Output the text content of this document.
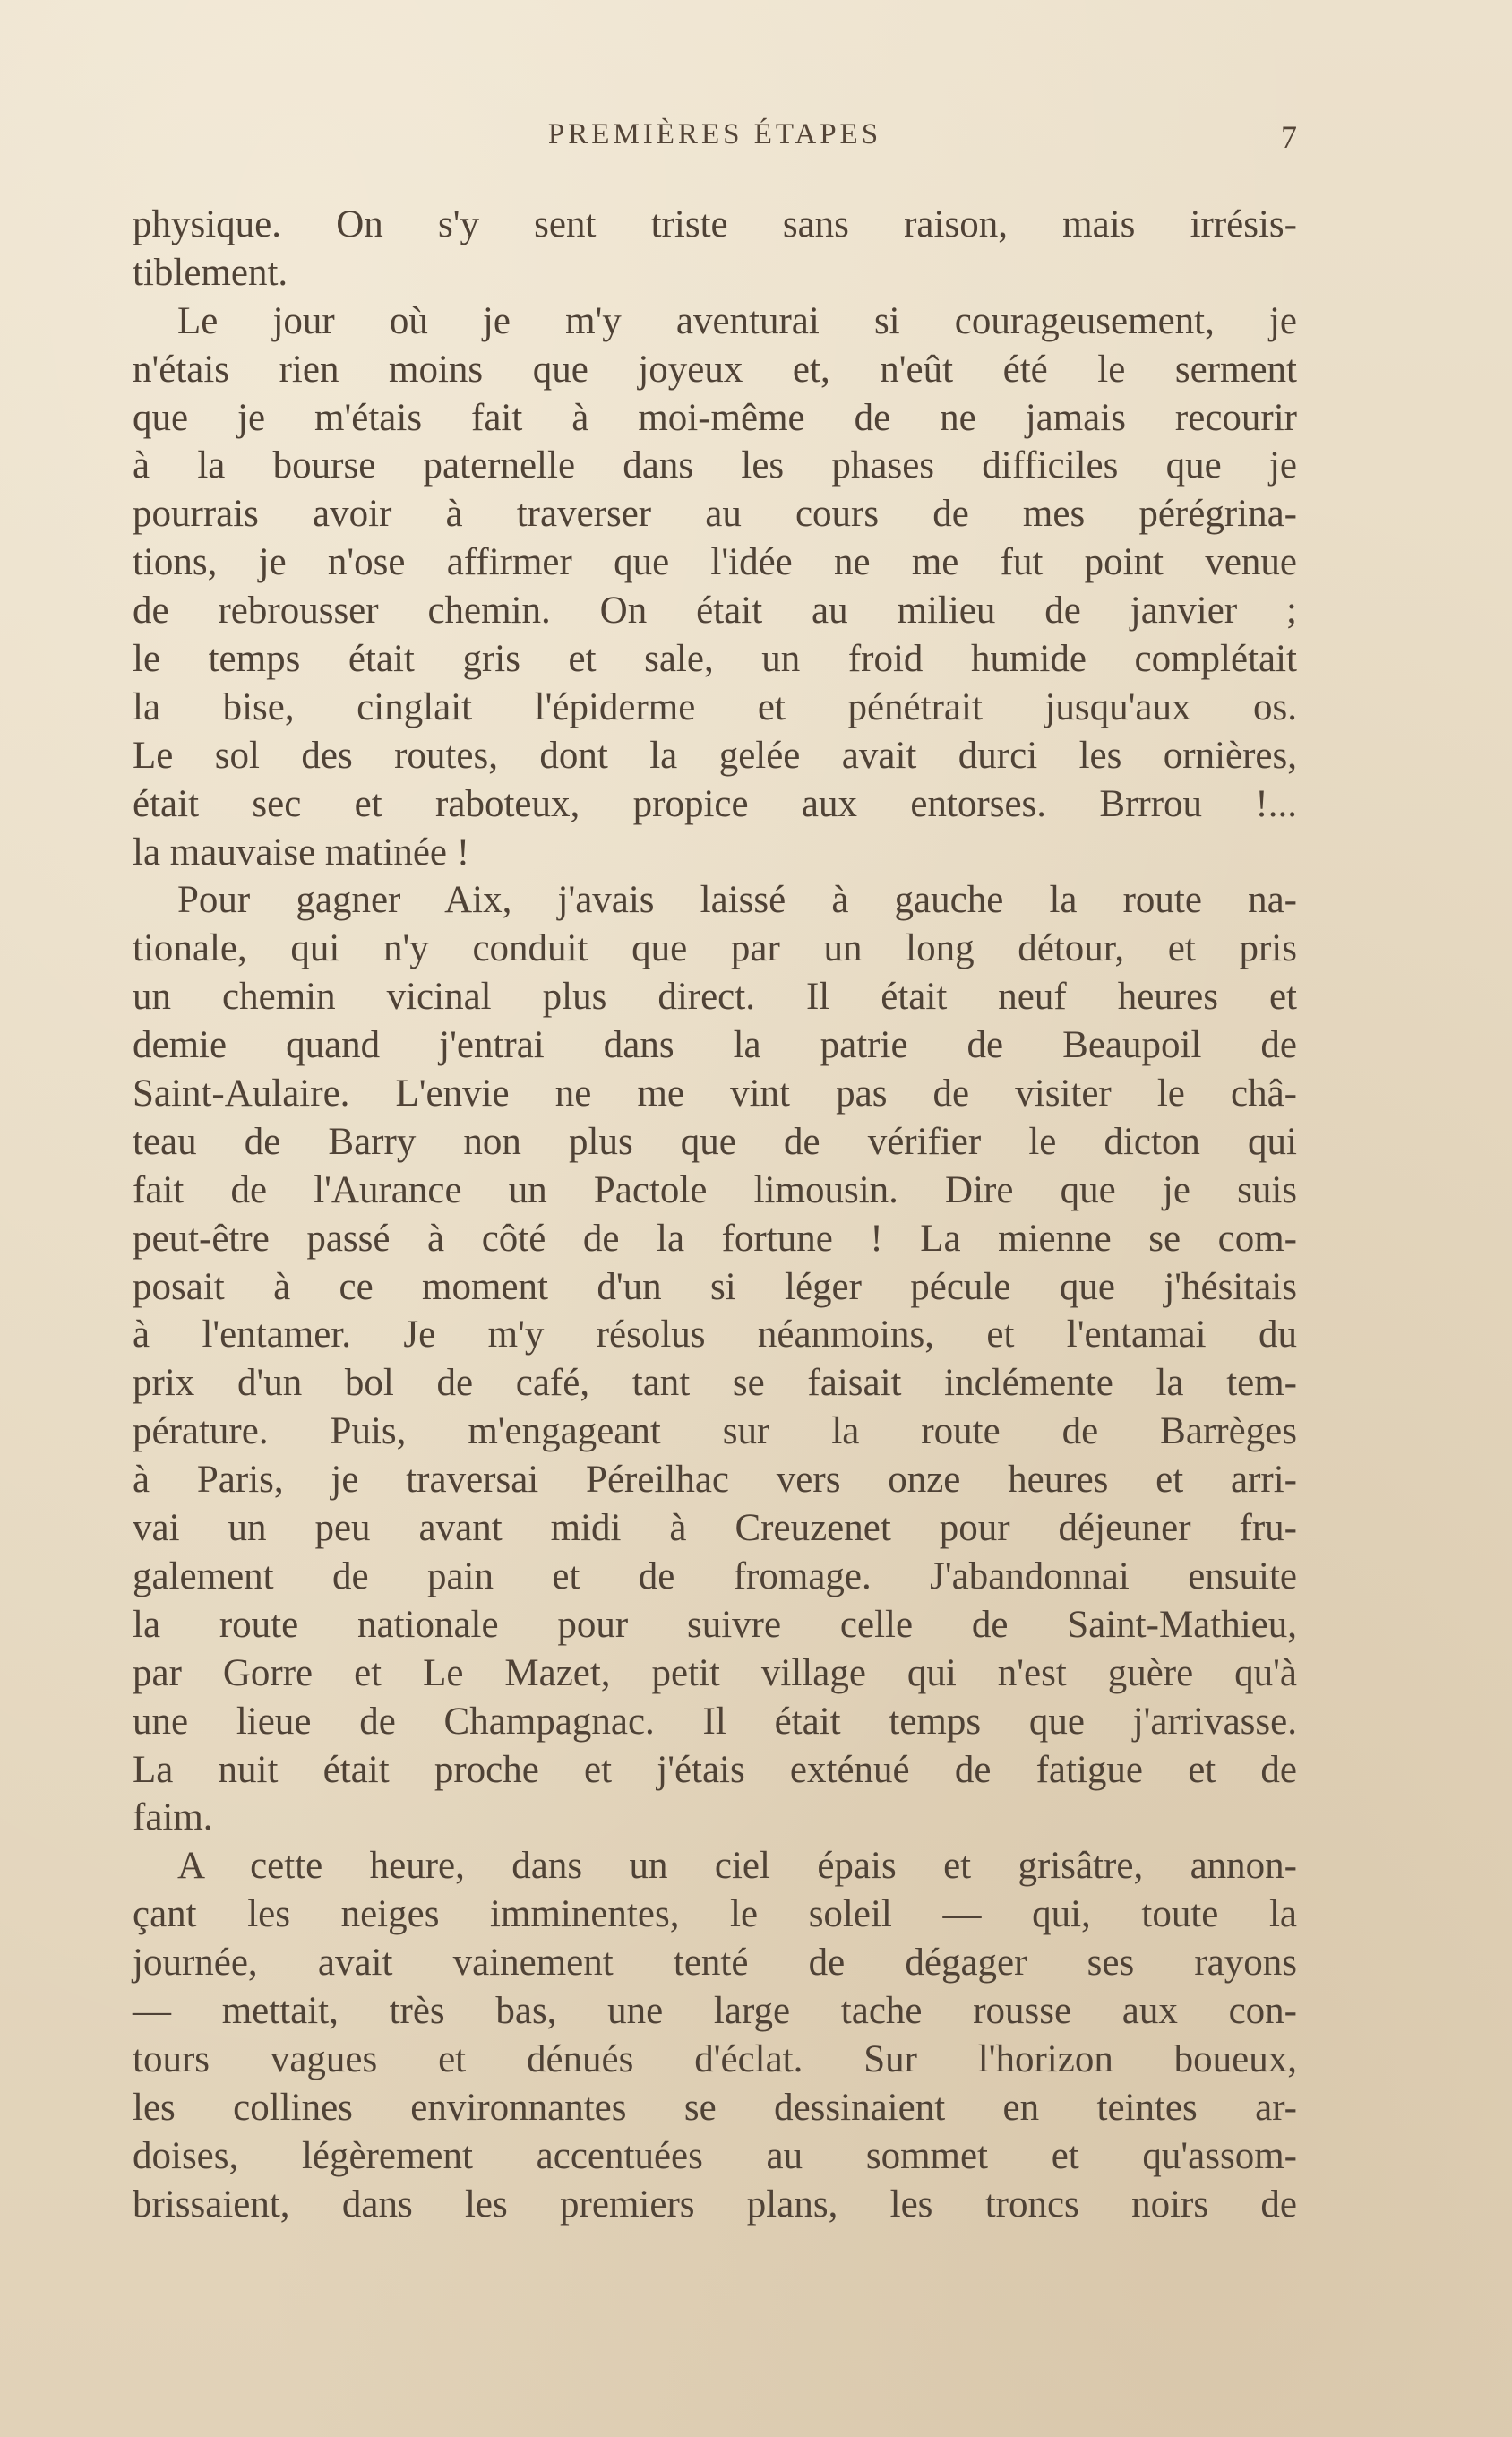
PREMIÈRES ÉTAPES	7
physique. On s'y sent triste sans raison, mais irrésis-
tiblement.
Le jour où je m'y aventurai si courageusement, je
n'étais rien moins que joyeux et, n'eût été le serment
que je m'étais fait à moi-même de ne jamais recourir
à la bourse paternelle dans les phases difficiles que je
pourrais avoir à traverser au cours de mes pérégrina-
tions, je n'ose affirmer que l'idée ne me fut point venue
de rebrousser chemin. On était au milieu de janvier ;
le temps était gris et sale, un froid humide complétait
la bise, cinglait l'épiderme et pénétrait jusqu'aux os.
Le sol des routes, dont la gelée avait durci les ornières,
était sec et raboteux, propice aux entorses. Brrrou !...
la mauvaise matinée !
Pour gagner Aix, j'avais laissé à gauche la route na-
tionale, qui n'y conduit que par un long détour, et pris
un chemin vicinal plus direct. Il était neuf heures et
demie quand j'entrai dans la patrie de Beaupoil de
Saint-Aulaire. L'envie ne me vint pas de visiter le châ-
teau de Barry non plus que de vérifier le dicton qui
fait de l'Aurance un Pactole limousin. Dire que je suis
peut-être passé à côté de la fortune ! La mienne se com-
posait à ce moment d'un si léger pécule que j'hésitais
à l'entamer. Je m'y résolus néanmoins, et l'entamai du
prix d'un bol de café, tant se faisait inclémente la tem-
pérature. Puis, m'engageant sur la route de Barrèges
à Paris, je traversai Péreilhac vers onze heures et arri-
vai un peu avant midi à Creuzenet pour déjeuner fru-
galement de pain et de fromage. J'abandonnai ensuite
la route nationale pour suivre celle de Saint-Mathieu,
par Gorre et Le Mazet, petit village qui n'est guère qu'à
une lieue de Champagnac. Il était temps que j'arrivasse.
La nuit était proche et j'étais exténué de fatigue et de
faim.
A cette heure, dans un ciel épais et grisâtre, annon-
çant les neiges imminentes, le soleil — qui, toute la
journée, avait vainement tenté de dégager ses rayons
— mettait, très bas, une large tache rousse aux con-
tours vagues et dénués d'éclat. Sur l'horizon boueux,
les collines environnantes se dessinaient en teintes ar-
doises, légèrement accentuées au sommet et qu'assom-
brissaient, dans les premiers plans, les troncs noirs de
